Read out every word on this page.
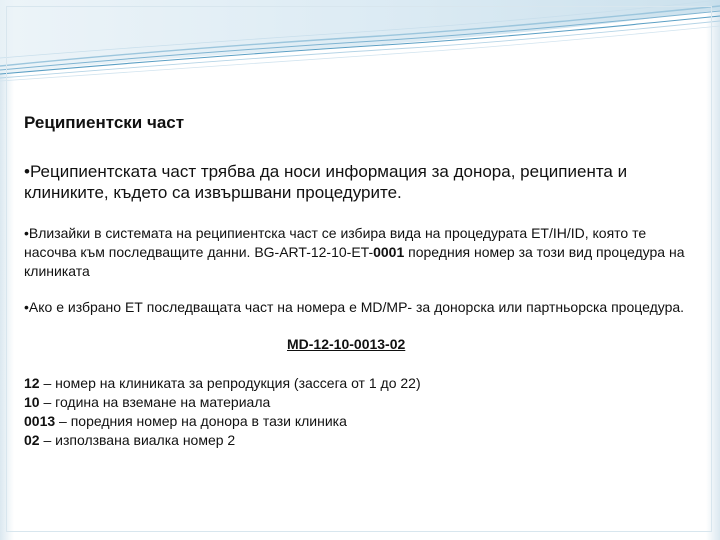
Реципиентски част
•Реципиентската част трябва да носи информация за донора, реципиента и клиниките, където са извършвани процедурите.
•Влизайки в системата на реципиентска част се избира вида на процедурата ЕТ/IH/ID, която те насочва към последващите данни. BG-ART-12-10-ET-0001 поредния номер за този вид процедура на клиниката
•Ако е избрано ЕТ последващата част на номера е MD/MP- за донорска или партньорска процедура.
MD-12-10-0013-02
12 – номер на клиниката за репродукция (зассега от 1 до 22)
10 – година на вземане на материала
0013 – поредния номер на донора в тази клиника
02 – използвана виалка номер 2
